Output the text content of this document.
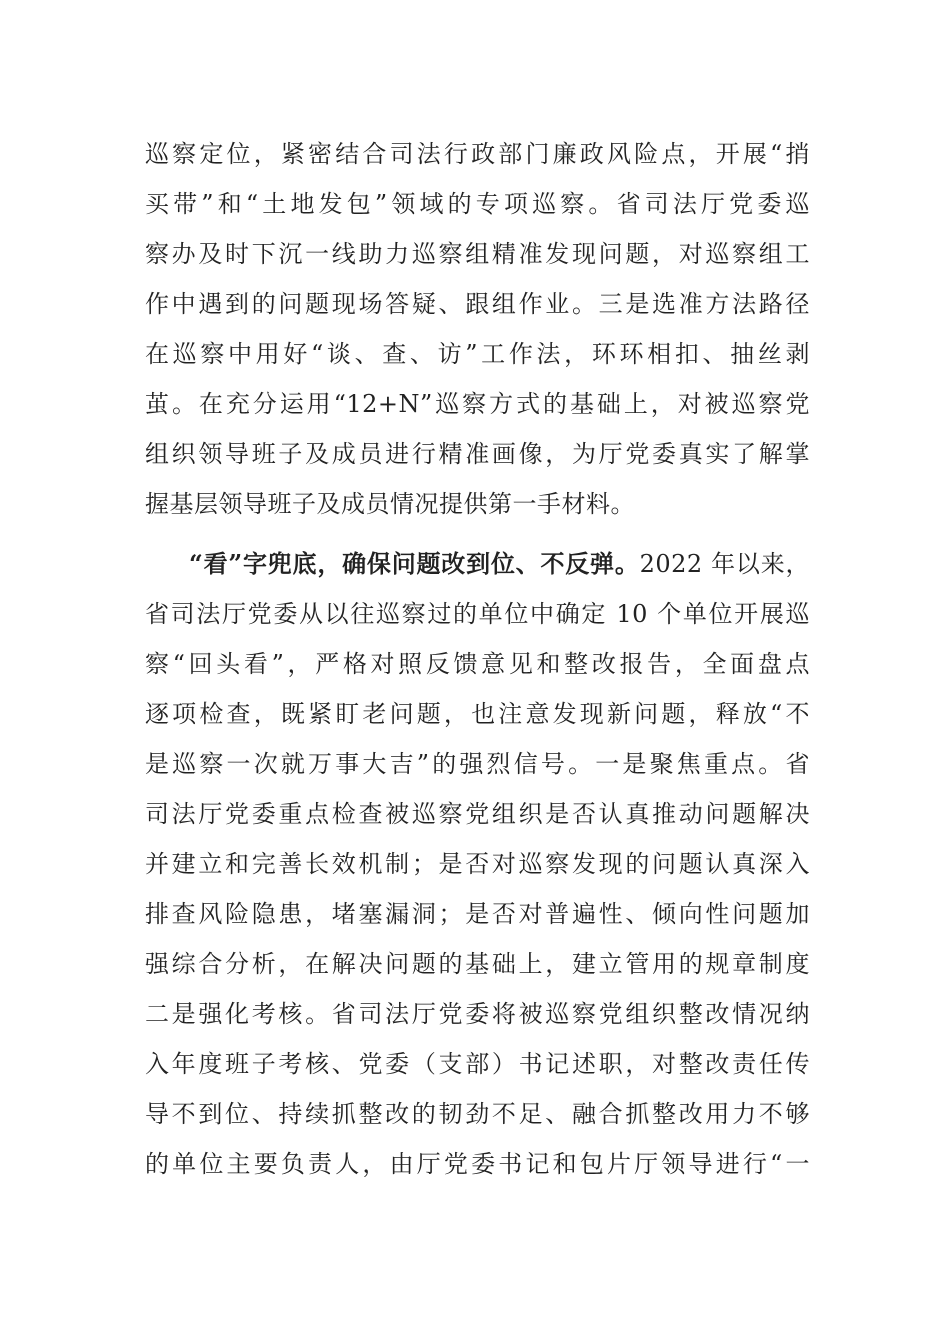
巡察定位，紧密结合司法行政部门廉政风险点，开展“捎
买带”和“土地发包”领域的专项巡察。省司法厅党委巡
察办及时下沉一线助力巡察组精准发现问题，对巡察组工
作中遇到的问题现场答疑、跟组作业。三是选准方法路径
在巡察中用好“谈、查、访”工作法，环环相扣、抽丝剥
茧。在充分运用“12+N”巡察方式的基础上，对被巡察党
组织领导班子及成员进行精准画像，为厅党委真实了解掌
握基层领导班子及成员情况提供第一手材料。
“看”字兜底，确保问题改到位、不反弹。2022 年以来，
省司法厅党委从以往巡察过的单位中确定 10 个单位开展巡
察“回头看”，严格对照反馈意见和整改报告，全面盘点
逐项检查，既紧盯老问题，也注意发现新问题，释放“不
是巡察一次就万事大吉”的强烈信号。一是聚焦重点。省
司法厅党委重点检查被巡察党组织是否认真推动问题解决
并建立和完善长效机制；是否对巡察发现的问题认真深入
排查风险隐患，堵塞漏洞；是否对普遍性、倾向性问题加
强综合分析，在解决问题的基础上，建立管用的规章制度
二是强化考核。省司法厅党委将被巡察党组织整改情况纳
入年度班子考核、党委（支部）书记述职，对整改责任传
导不到位、持续抓整改的韧劲不足、融合抓整改用力不够
的单位主要负责人，由厅党委书记和包片厅领导进行“一
